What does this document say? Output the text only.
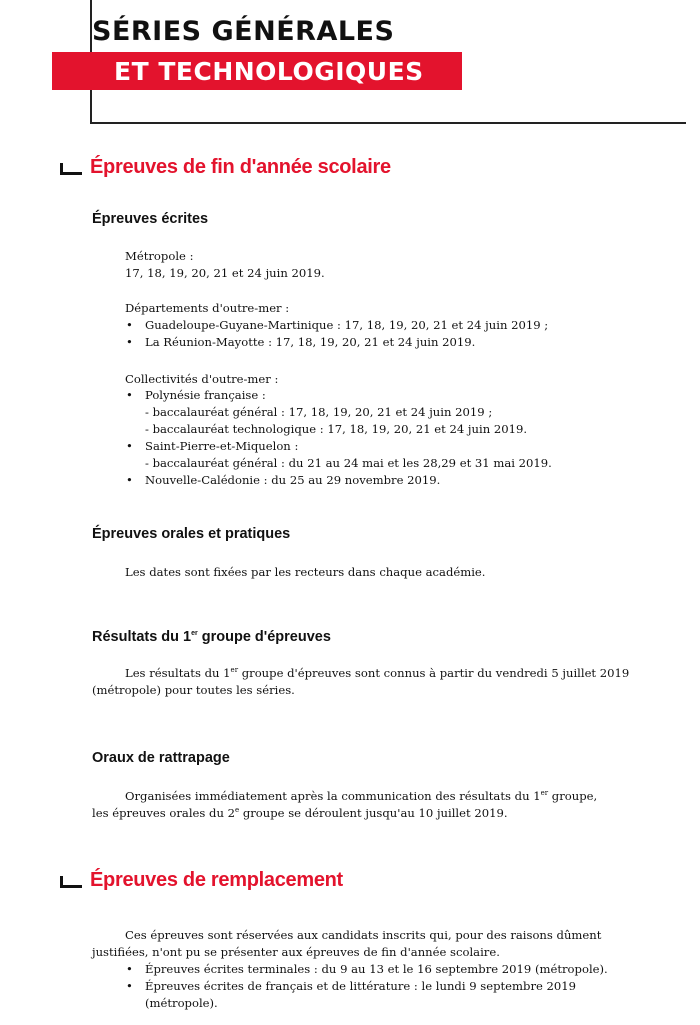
SÉRIES GÉNÉRALES
ET TECHNOLOGIQUES
Épreuves de fin d'année scolaire
Épreuves écrites
Métropole :
17, 18, 19, 20, 21 et 24 juin 2019.
Départements d'outre-mer :
• Guadeloupe-Guyane-Martinique : 17, 18, 19, 20, 21 et 24 juin 2019 ;
• La Réunion-Mayotte : 17, 18, 19, 20, 21 et 24 juin 2019.
Collectivités d'outre-mer :
• Polynésie française :
- baccalauréat général : 17, 18, 19, 20, 21 et 24 juin 2019 ;
- baccalauréat technologique : 17, 18, 19, 20, 21 et 24 juin 2019.
• Saint-Pierre-et-Miquelon :
- baccalauréat général : du 21 au 24 mai et les 28,29 et 31 mai 2019.
• Nouvelle-Calédonie : du 25 au 29 novembre 2019.
Épreuves orales et pratiques
Les dates sont fixées par les recteurs dans chaque académie.
Résultats du 1er groupe d'épreuves
Les résultats du 1er groupe d'épreuves sont connus à partir du vendredi 5 juillet 2019
(métropole) pour toutes les séries.
Oraux de rattrapage
Organisées immédiatement après la communication des résultats du 1er groupe,
les épreuves orales du 2e groupe se déroulent jusqu'au 10 juillet 2019.
Épreuves de remplacement
Ces épreuves sont réservées aux candidats inscrits qui, pour des raisons dûment
justifiées, n'ont pu se présenter aux épreuves de fin d'année scolaire.
• Épreuves écrites terminales : du 9 au 13 et le 16 septembre 2019 (métropole).
• Épreuves écrites de français et de littérature : le lundi 9 septembre 2019
(métropole).
